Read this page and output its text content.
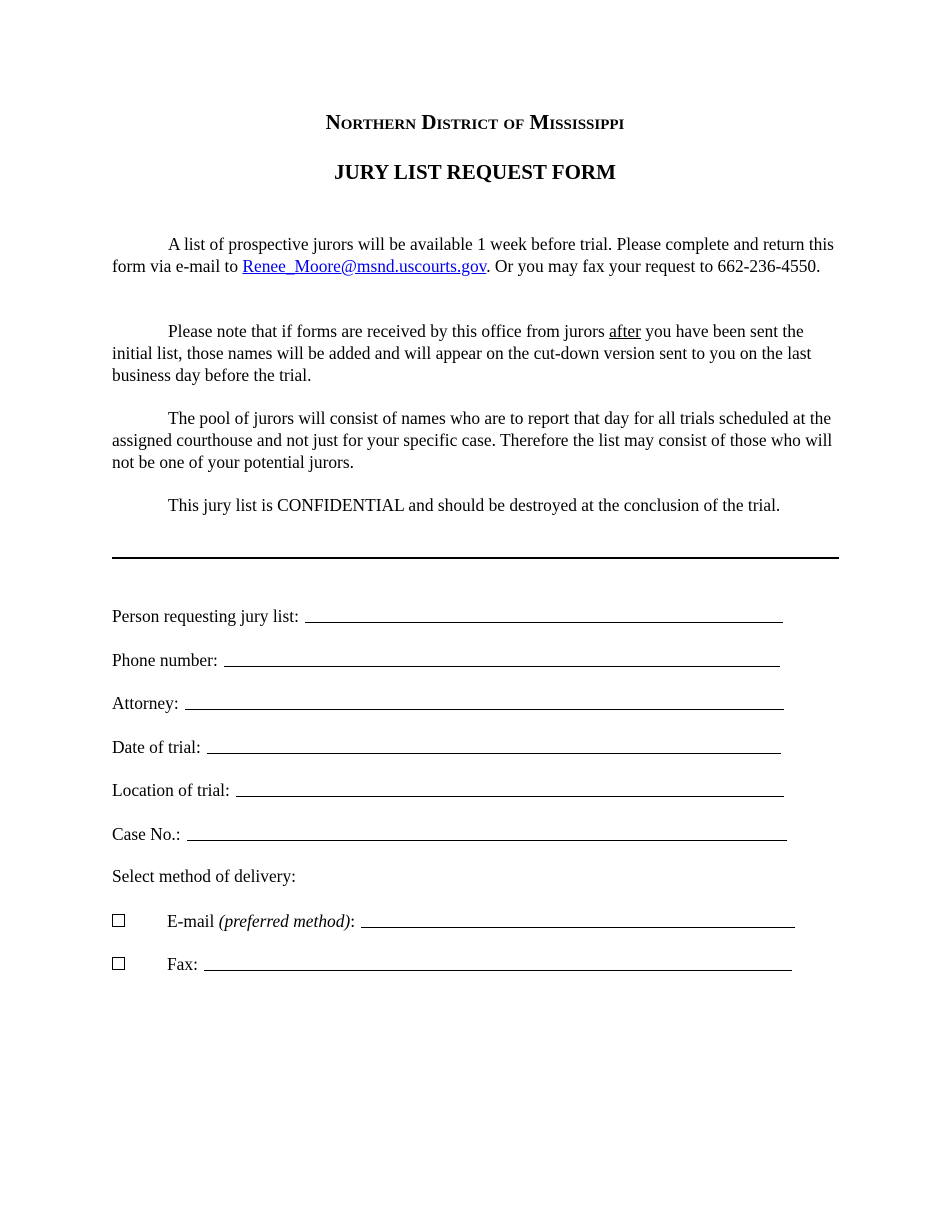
Northern District of Mississippi
JURY LIST REQUEST FORM

A list of prospective jurors will be available 1 week before trial. Please complete and return this form via e-mail to Renee_Moore@msnd.uscourts.gov. Or you may fax your request to 662-236-4550.

Please note that if forms are received by this office from jurors after you have been sent the initial list, those names will be added and will appear on the cut-down version sent to you on the last business day before the trial.

The pool of jurors will consist of names who are to report that day for all trials scheduled at the assigned courthouse and not just for your specific case. Therefore the list may consist of those who will not be one of your potential jurors.

This jury list is CONFIDENTIAL and should be destroyed at the conclusion of the trial.

Person requesting jury list:
Phone number:
Attorney:
Date of trial:
Location of trial:
Case No.:
Select method of delivery:
E-mail (preferred method):
Fax:
